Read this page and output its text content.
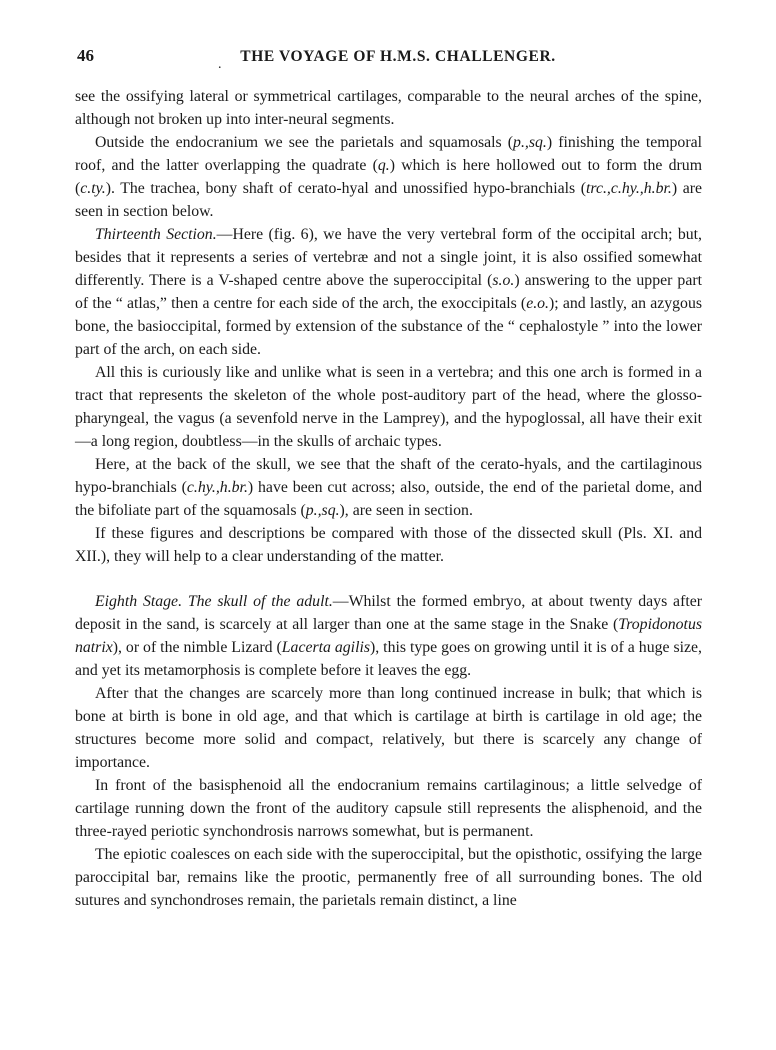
46	THE VOYAGE OF H.M.S. CHALLENGER.
.

see the ossifying lateral or symmetrical cartilages, comparable to the neural arches of the spine, although not broken up into inter-neural segments.

Outside the endocranium we see the parietals and squamosals (p.,sq.) finishing the temporal roof, and the latter overlapping the quadrate (q.) which is here hollowed out to form the drum (c.ty.). The trachea, bony shaft of cerato-hyal and unossified hypo-branchials (trc.,c.hy.,h.br.) are seen in section below.

Thirteenth Section.—Here (fig. 6), we have the very vertebral form of the occipital arch; but, besides that it represents a series of vertebræ and not a single joint, it is also ossified somewhat differently. There is a V-shaped centre above the superoccipital (s.o.) answering to the upper part of the “ atlas,” then a centre for each side of the arch, the exoccipitals (e.o.); and lastly, an azygous bone, the basioccipital, formed by extension of the substance of the “ cephalostyle ” into the lower part of the arch, on each side.

All this is curiously like and unlike what is seen in a vertebra; and this one arch is formed in a tract that represents the skeleton of the whole post-auditory part of the head, where the glosso-pharyngeal, the vagus (a sevenfold nerve in the Lamprey), and the hypoglossal, all have their exit—a long region, doubtless—in the skulls of archaic types.

Here, at the back of the skull, we see that the shaft of the cerato-hyals, and the cartilaginous hypo-branchials (c.hy.,h.br.) have been cut across; also, outside, the end of the parietal dome, and the bifoliate part of the squamosals (p.,sq.), are seen in section.

If these figures and descriptions be compared with those of the dissected skull (Pls. XI. and XII.), they will help to a clear understanding of the matter.

Eighth Stage. The skull of the adult.—Whilst the formed embryo, at about twenty days after deposit in the sand, is scarcely at all larger than one at the same stage in the Snake (Tropidonotus natrix), or of the nimble Lizard (Lacerta agilis), this type goes on growing until it is of a huge size, and yet its metamorphosis is complete before it leaves the egg.

After that the changes are scarcely more than long continued increase in bulk; that which is bone at birth is bone in old age, and that which is cartilage at birth is cartilage in old age; the structures become more solid and compact, relatively, but there is scarcely any change of importance.

In front of the basisphenoid all the endocranium remains cartilaginous; a little selvedge of cartilage running down the front of the auditory capsule still represents the alisphenoid, and the three-rayed periotic synchondrosis narrows somewhat, but is permanent.

The epiotic coalesces on each side with the superoccipital, but the opisthotic, ossifying the large paroccipital bar, remains like the prootic, permanently free of all surrounding bones. The old sutures and synchondroses remain, the parietals remain distinct, a line
